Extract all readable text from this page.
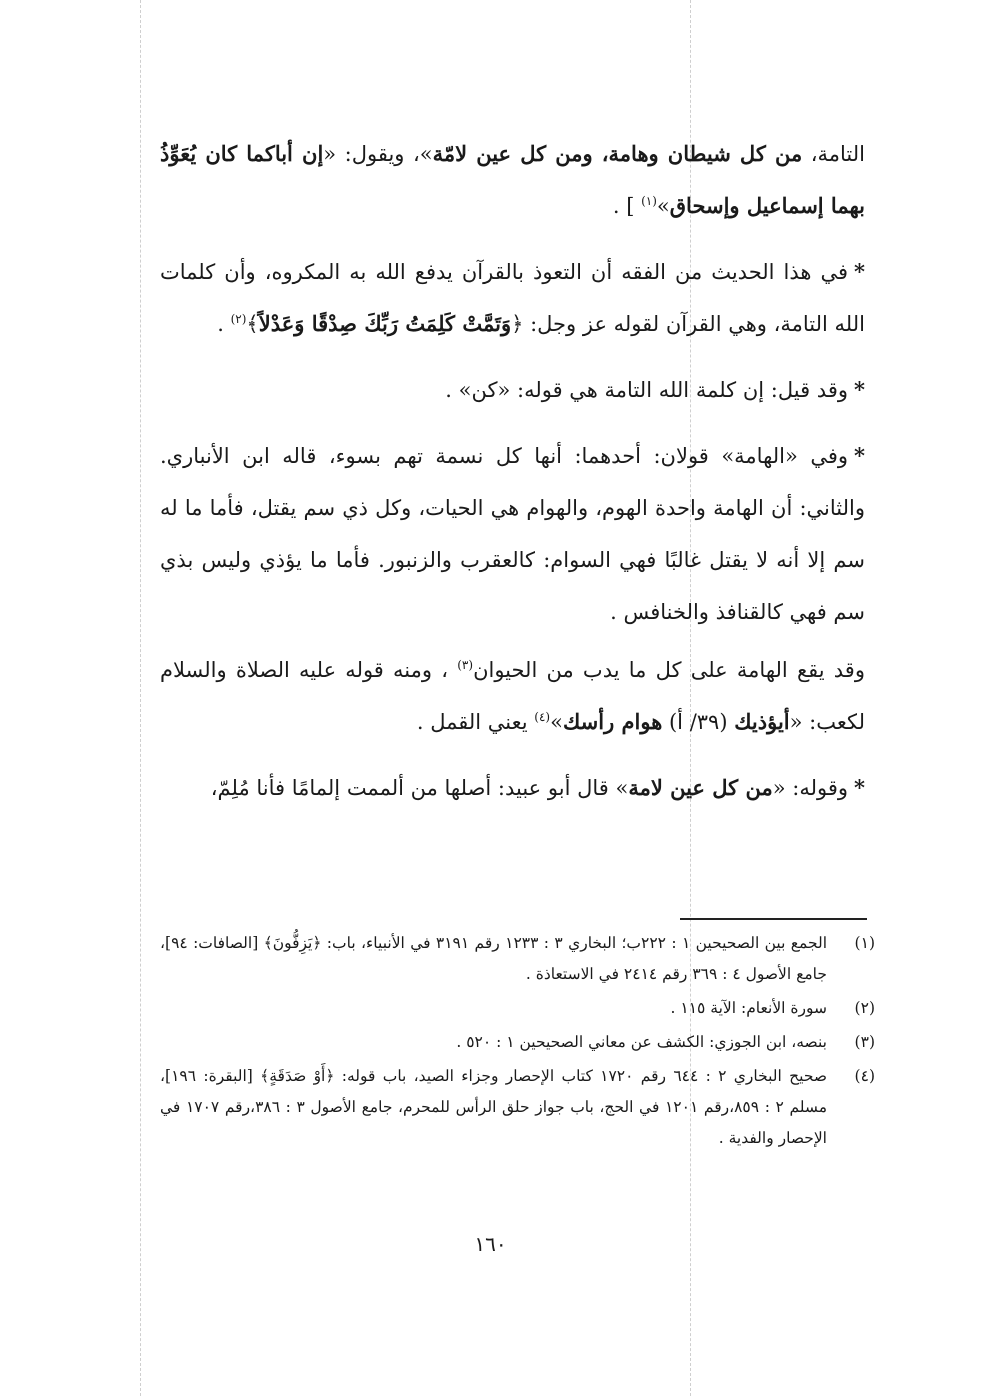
التامة، من كل شيطان وهامة، ومن كل عين لامّة»، ويقول: «إن أباكما كان يُعَوِّذُ بهما إسماعيل وإسحاق»$^{(١)}$ ] .

*في هذا الحديث من الفقه أن التعوذ بالقرآن يدفع الله به المكروه، وأن كلمات الله التامة، وهي القرآن لقوله عز وجل: ﴿وَتَمَّتْ كَلِمَتُ رَبِّكَ صِدْقًا وَعَدْلاً﴾$^{(٢)}$ .

*وقد قيل: إن كلمة الله التامة هي قوله: «كن» .

*وفي «الهامة» قولان: أحدهما: أنها كل نسمة تهم بسوء، قاله ابن الأنباري. والثاني: أن الهامة واحدة الهوم، والهوام هي الحيات، وكل ذي سم يقتل، فأما ما له سم إلا أنه لا يقتل غالبًا فهي السوام: كالعقرب والزنبور. فأما ما يؤذي وليس بذي سم فهي كالقنافذ والخنافس .

وقد يقع الهامة على كل ما يدب من الحيوان$^{(٣)}$ ، ومنه قوله عليه الصلاة والسلام لكعب: «أيؤذيك (٣٩/ أ) هوام رأسك»$^{(٤)}$ يعني القمل .

*وقوله: «من كل عين لامة» قال أبو عبيد: أصلها من ألممت إلمامًا فأنا مُلِمّ،

(١)
الجمع بين الصحيحين ١ : ٢٢٢ب؛ البخاري ٣ : ١٢٣٣ رقم ٣١٩١ في الأنبياء، باب: ﴿يَزِفُّونَ﴾ [الصافات: ٩٤]، جامع الأصول ٤ : ٣٦٩ رقم ٢٤١٤ في الاستعاذة .
(٢)
سورة الأنعام: الآية ١١٥ .
(٣)
بنصه، ابن الجوزي: الكشف عن معاني الصحيحين ١ : ٥٢٠ .
(٤)
صحيح البخاري ٢ : ٦٤٤ رقم ١٧٢٠ كتاب الإحصار وجزاء الصيد، باب قوله: ﴿أَوْ صَدَقَةٍ﴾ [البقرة: ١٩٦]، مسلم ٢ : ٨٥٩،رقم ١٢٠١ في الحج، باب جواز حلق الرأس للمحرم، جامع الأصول ٣ : ٣٨٦،رقم ١٧٠٧ في الإحصار والفدية .
١٦٠
